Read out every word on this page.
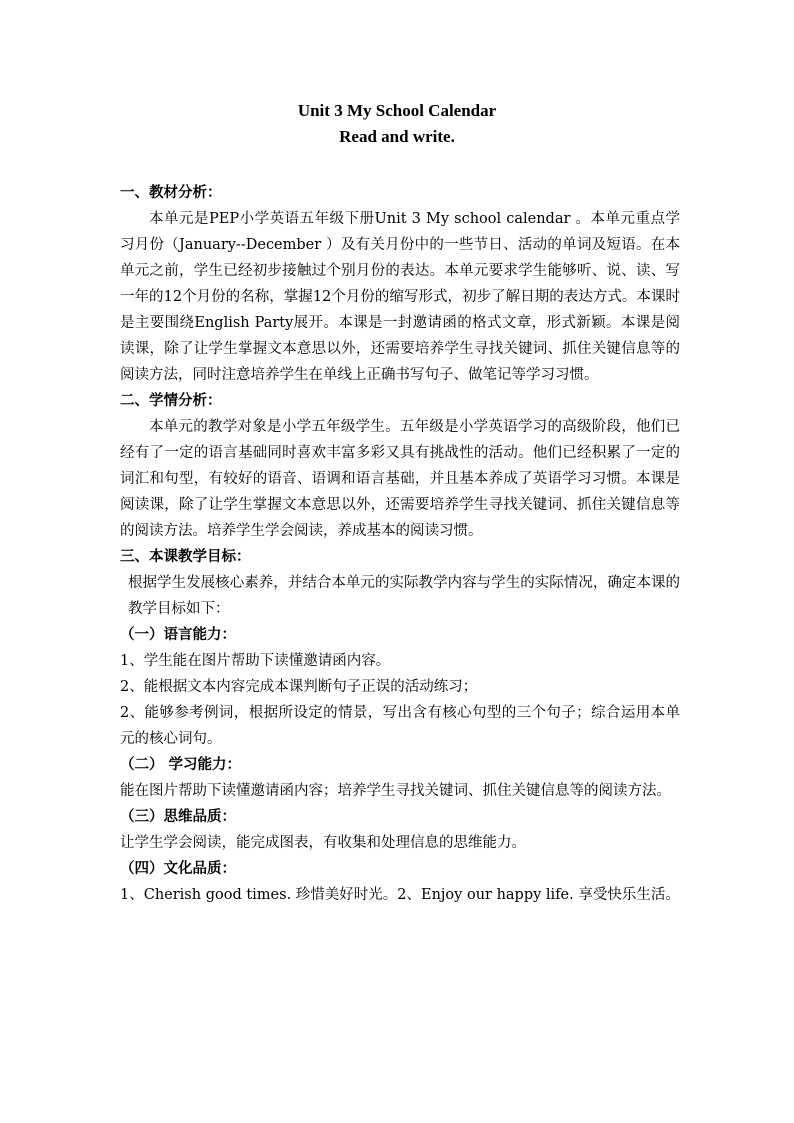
Unit 3 My School Calendar
Read and write.

一、教材分析：

本单元是PEP小学英语五年级下册Unit 3 My school calendar 。本单元重点学习月份（January--December ）及有关月份中的一些节日、活动的单词及短语。在本单元之前，学生已经初步接触过个别月份的表达。本单元要求学生能够听、说、读、写一年的12个月份的名称，掌握12个月份的缩写形式，初步了解日期的表达方式。本课时是主要围绕English Party展开。本课是一封邀请函的格式文章，形式新颖。本课是阅读课，除了让学生掌握文本意思以外，还需要培养学生寻找关键词、抓住关键信息等的阅读方法，同时注意培养学生在单线上正确书写句子、做笔记等学习习惯。

二、学情分析：

本单元的教学对象是小学五年级学生。五年级是小学英语学习的高级阶段，他们已经有了一定的语言基础同时喜欢丰富多彩又具有挑战性的活动。他们已经积累了一定的词汇和句型，有较好的语音、语调和语言基础，并且基本养成了英语学习习惯。本课是阅读课，除了让学生掌握文本意思以外，还需要培养学生寻找关键词、抓住关键信息等的阅读方法。培养学生学会阅读，养成基本的阅读习惯。

三、本课教学目标：

根据学生发展核心素养，并结合本单元的实际教学内容与学生的实际情况，确定本课的教学目标如下：

（一）语言能力：

1、学生能在图片帮助下读懂邀请函内容。

2、能根据文本内容完成本课判断句子正误的活动练习；

2、能够参考例词，根据所设定的情景，写出含有核心句型的三个句子；综合运用本单元的核心词句。

（二） 学习能力：

能在图片帮助下读懂邀请函内容；培养学生寻找关键词、抓住关键信息等的阅读方法。

（三）思维品质：

让学生学会阅读，能完成图表，有收集和处理信息的思维能力。

（四）文化品质：

1、Cherish good times. 珍惜美好时光。2、Enjoy our happy life. 享受快乐生活。
